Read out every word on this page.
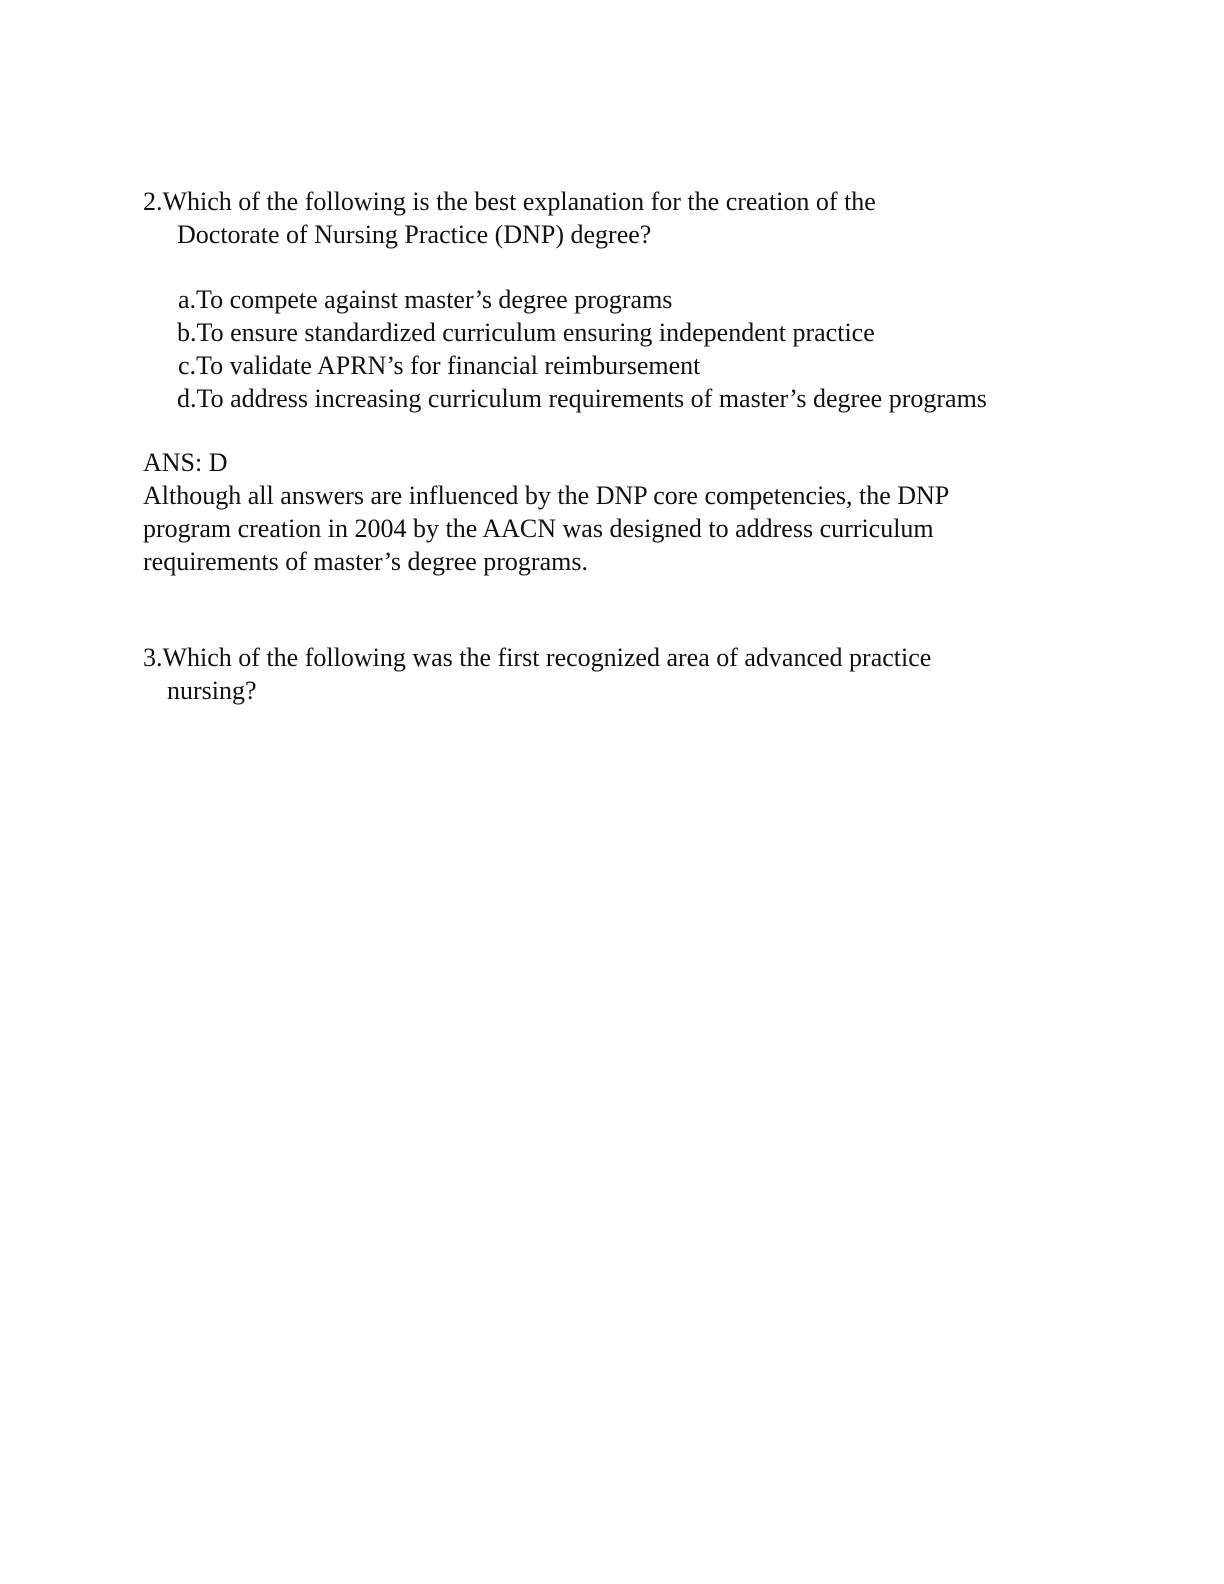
2.Which of the following is the best explanation for the creation of the

Doctorate of Nursing Practice (DNP) degree?

a.To compete against master’s degree programs

b.To ensure standardized curriculum ensuring independent practice

c.To validate APRN’s for financial reimbursement

d.To address increasing curriculum requirements of master’s degree programs

ANS: D

Although all answers are influenced by the DNP core competencies, the DNP

program creation in 2004 by the AACN was designed to address curriculum

requirements of master’s degree programs.

3.Which of the following was the first recognized area of advanced practice

nursing?
